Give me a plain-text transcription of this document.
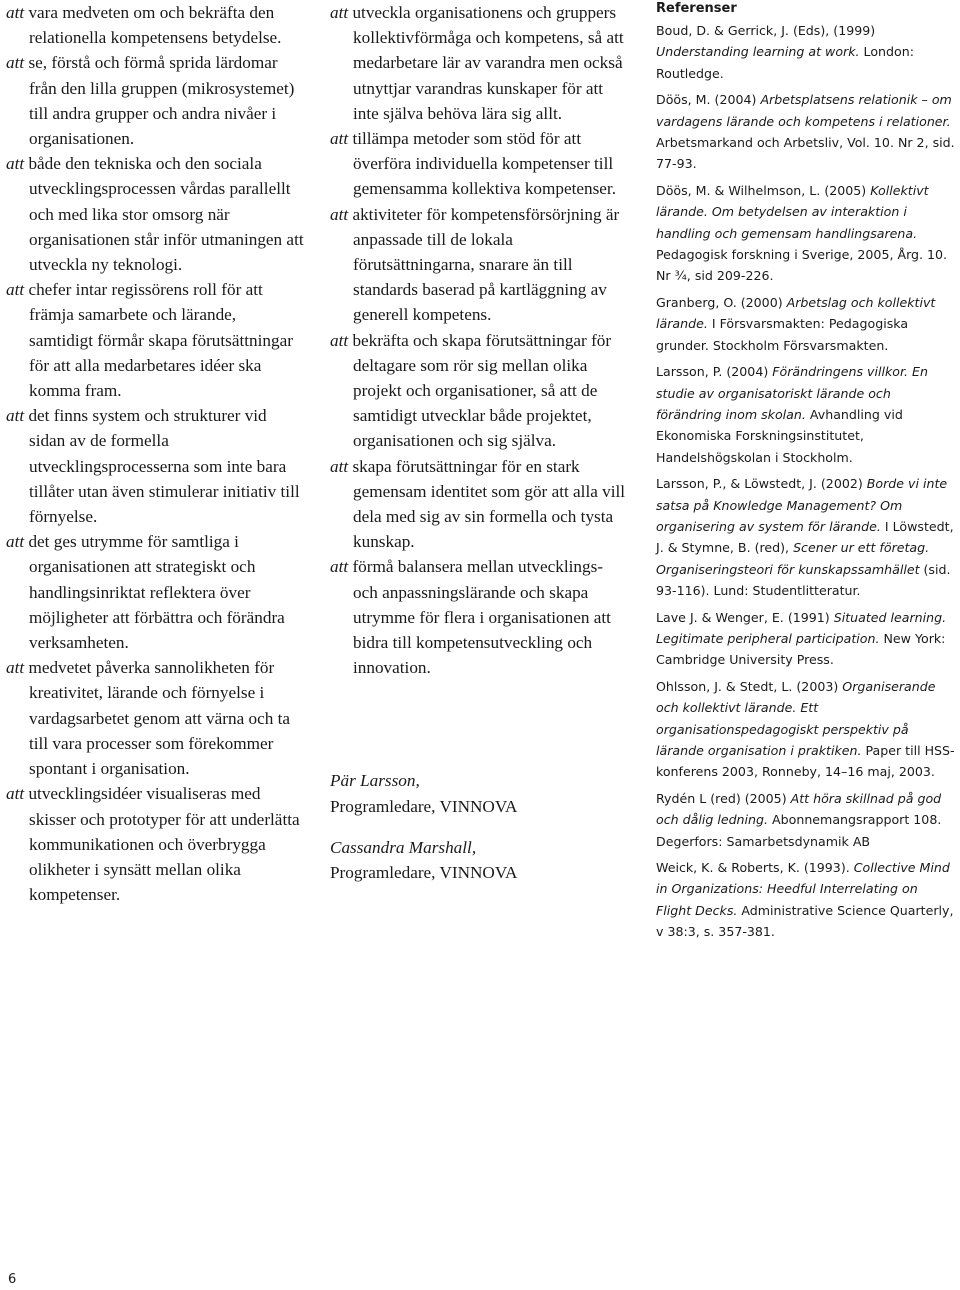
att vara medveten om och bekräfta den relationella kompetensens betydelse.
att se, förstå och förmå sprida lärdomar från den lilla gruppen (mikrosystemet) till andra grupper och andra nivåer i organisationen.
att både den tekniska och den sociala utvecklingsprocessen vårdas parallellt och med lika stor omsorg när organisationen står inför utmaningen att utveckla ny teknologi.
att chefer intar regissörens roll för att främja samarbete och lärande, samtidigt förmår skapa förutsättningar för att alla medarbetares idéer ska komma fram.
att det finns system och strukturer vid sidan av de formella utvecklingsprocesserna som inte bara tillåter utan även stimulerar initiativ till förnyelse.
att det ges utrymme för samtliga i organisationen att strategiskt och handlingsinriktat reflektera över möjligheter att förbättra och förändra verksamheten.
att medvetet påverka sannolikheten för kreativitet, lärande och förnyelse i vardagsarbetet genom att värna och ta till vara processer som förekommer spontant i organisation.
att utvecklingsidéer visualiseras med skisser och prototyper för att underlätta kommunikationen och överbrygga olikheter i synsätt mellan olika kompetenser.
att utveckla organisationens och gruppers kollektivförmåga och kompetens, så att medarbetare lär av varandra men också utnyttjar varandras kunskaper för att inte själva behöva lära sig allt.
att tillämpa metoder som stöd för att överföra individuella kompetenser till gemensamma kollektiva kompetenser.
att aktiviteter för kompetensförsörjning är anpassade till de lokala förutsättningarna, snarare än till standards baserad på kartläggning av generell kompetens.
att bekräfta och skapa förutsättningar för deltagare som rör sig mellan olika projekt och organisationer, så att de samtidigt utvecklar både projektet, organisationen och sig själva.
att skapa förutsättningar för en stark gemensam identitet som gör att alla vill dela med sig av sin formella och tysta kunskap.
att förmå balansera mellan utvecklings- och anpassningslärande och skapa utrymme för flera i organisationen att bidra till kompetensutveckling och innovation.
Pär Larsson,
Programledare, VINNOVA
Cassandra Marshall,
Programledare, VINNOVA
Referenser
Boud, D. & Gerrick, J. (Eds), (1999) Understanding learning at work. London: Routledge.
Döös, M. (2004) Arbetsplatsens relationik – om vardagens lärande och kompetens i relationer. Arbetsmarkand och Arbetsliv, Vol. 10. Nr 2, sid. 77-93.
Döös, M. & Wilhelmson, L. (2005) Kollektivt lärande. Om betydelsen av interaktion i handling och gemensam handlingsarena. Pedagogisk forskning i Sverige, 2005, Årg. 10. Nr ¾, sid 209-226.
Granberg, O. (2000) Arbetslag och kollektivt lärande. I Försvarsmakten: Pedagogiska grunder. Stockholm Försvarsmakten.
Larsson, P. (2004) Förändringens villkor. En studie av organisatoriskt lärande och förändring inom skolan. Avhandling vid Ekonomiska Forskningsinstitutet, Handelshögskolan i Stockholm.
Larsson, P., & Löwstedt, J. (2002) Borde vi inte satsa på Knowledge Management? Om organisering av system för lärande. I Löwstedt, J. & Stymne, B. (red), Scener ur ett företag. Organiseringsteori för kunskapssamhället (sid. 93-116). Lund: Studentlitteratur.
Lave J. & Wenger, E. (1991) Situated learning. Legitimate peripheral participation. New York: Cambridge University Press.
Ohlsson, J. & Stedt, L. (2003) Organiserande och kollektivt lärande. Ett organisationspedagogiskt perspektiv på lärande organisation i praktiken. Paper till HSS-konferens 2003, Ronneby, 14–16 maj, 2003.
Rydén L (red) (2005) Att höra skillnad på god och dålig ledning. Abonnemangsrapport 108. Degerfors: Samarbetsdynamik AB
Weick, K. & Roberts, K. (1993). Collective Mind in Organizations: Heedful Interrelating on Flight Decks. Administrative Science Quarterly, v 38:3, s. 357-381.
6
